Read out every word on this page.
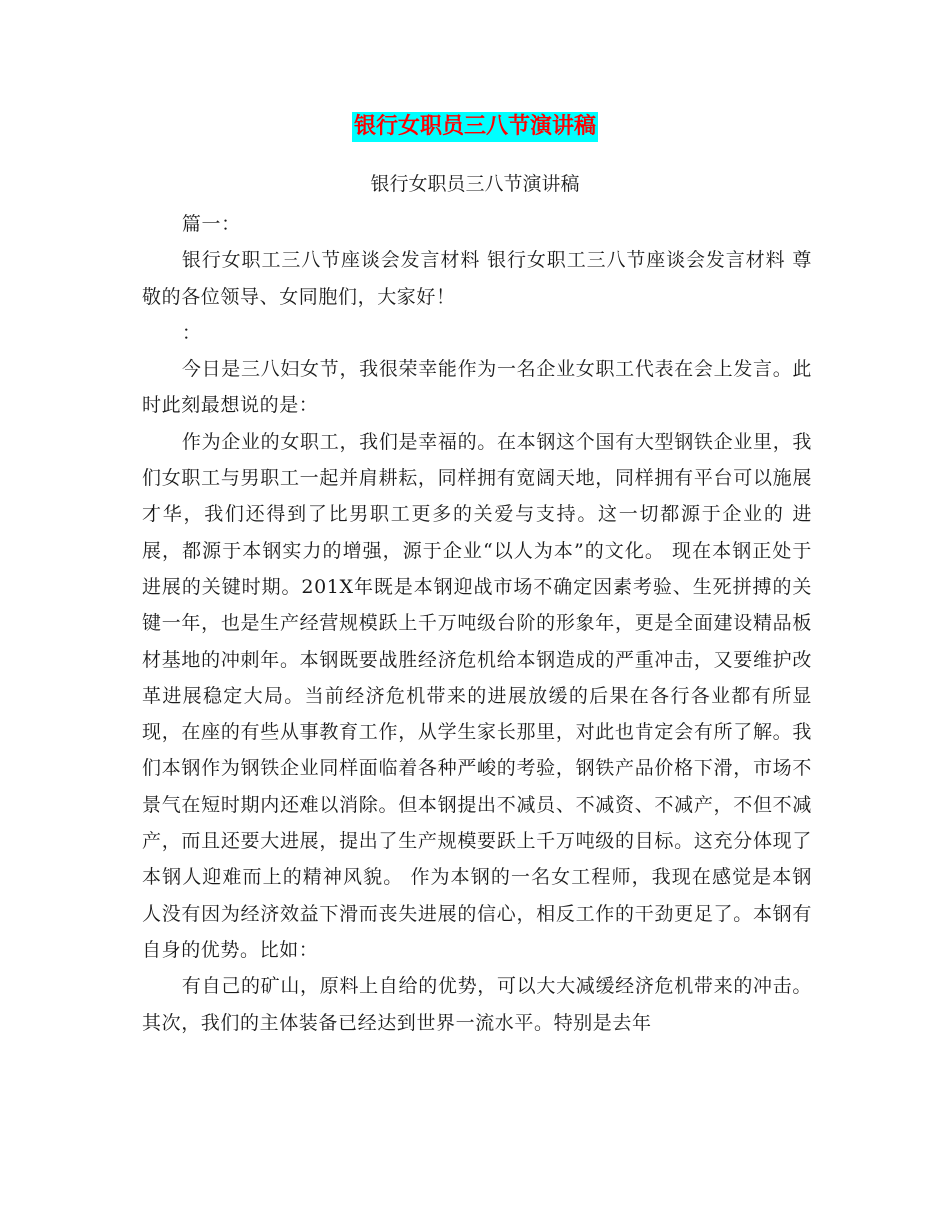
银行女职员三八节演讲稿
银行女职员三八节演讲稿

篇一：

银行女职工三八节座谈会发言材料 银行女职工三八节座谈会发言材料 尊敬的各位领导、女同胞们，大家好！

：

今日是三八妇女节，我很荣幸能作为一名企业女职工代表在会上发言。此时此刻最想说的是：

作为企业的女职工，我们是幸福的。在本钢这个国有大型钢铁企业里，我们女职工与男职工一起并肩耕耘，同样拥有宽阔天地，同样拥有平台可以施展才华，我们还得到了比男职工更多的关爱与支持。这一切都源于企业的 进展，都源于本钢实力的增强，源于企业“以人为本”的文化。 现在本钢正处于进展的关键时期。201X年既是本钢迎战市场不确定因素考验、生死拼搏的关键一年，也是生产经营规模跃上千万吨级台阶的形象年，更是全面建设精品板材基地的冲刺年。本钢既要战胜经济危机给本钢造成的严重冲击，又要维护改革进展稳定大局。当前经济危机带来的进展放缓的后果在各行各业都有所显现，在座的有些从事教育工作，从学生家长那里，对此也肯定会有所了解。我们本钢作为钢铁企业同样面临着各种严峻的考验，钢铁产品价格下滑，市场不景气在短时期内还难以消除。但本钢提出不减员、不减资、不减产，不但不减产，而且还要大进展，提出了生产规模要跃上千万吨级的目标。这充分体现了本钢人迎难而上的精神风貌。 作为本钢的一名女工程师，我现在感觉是本钢人没有因为经济效益下滑而丧失进展的信心，相反工作的干劲更足了。本钢有自身的优势。比如：

有自己的矿山，原料上自给的优势，可以大大减缓经济危机带来的冲击。其次，我们的主体装备已经达到世界一流水平。特别是去年
